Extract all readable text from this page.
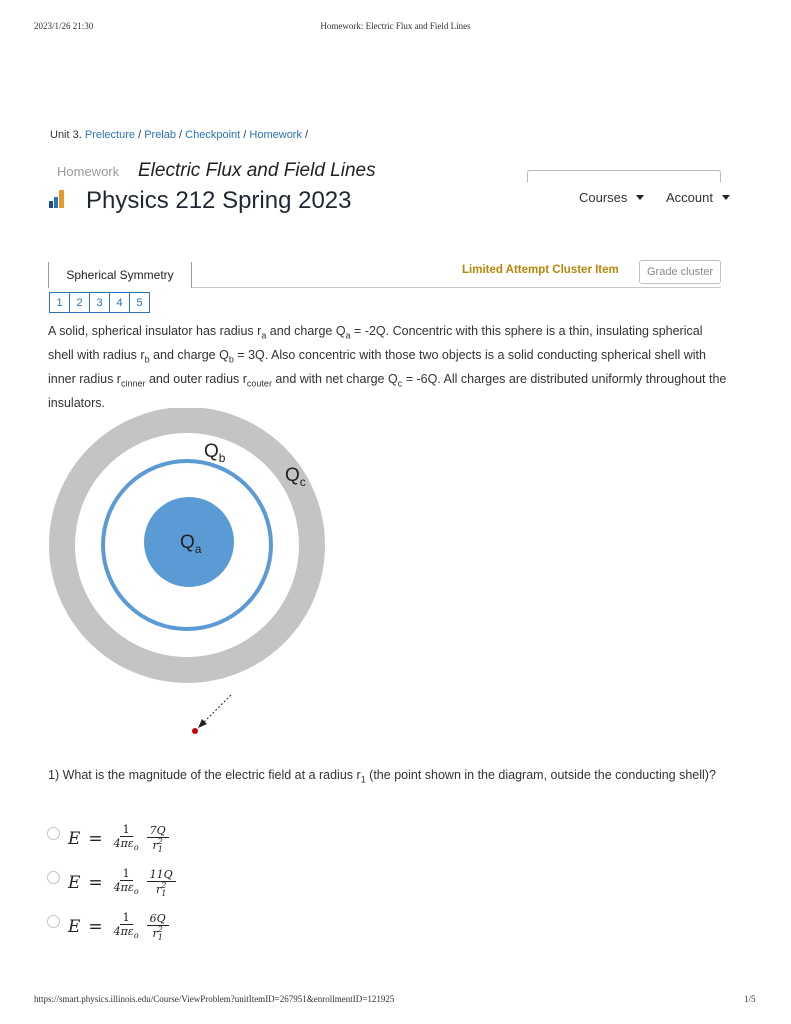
2023/1/26 21:30	Homework: Electric Flux and Field Lines
Unit 3. Prelecture / Prelab / Checkpoint / Homework /
Homework Electric Flux and Field Lines
Physics 212 Spring 2023	Courses	Account
Spherical Symmetry	Limited Attempt Cluster Item	Grade cluster
1	2	3	4	5
A solid, spherical insulator has radius $r_a$ and charge $Q_a = -2Q$. Concentric with this sphere is a thin, insulating spherical shell with radius $r_b$ and charge $Q_b = 3Q$. Also concentric with those two objects is a solid conducting spherical shell with inner radius $r_{cinner}$ and outer radius $r_{couter}$ and with net charge $Q_c = -6Q$. All charges are distributed uniformly throughout the insulators.
$Q_a$
$Q_b$
$Q_c$
1) What is the magnitude of the electric field at a radius $r_1$ (the point shown in the diagram, outside the conducting shell)?
$E = \frac{1}{4\pi\varepsilon_o} 7Q$
r 2
1
$E = \frac{1}{4\pi\varepsilon_o} 11Q$
r 2
1
$E = \frac{1}{4\pi\varepsilon_o} 6Q$
r 2
1
https://smart.physics.illinois.edu/Course/ViewProblem?unitItemID=267951&enrollmentID=121925	1/5
